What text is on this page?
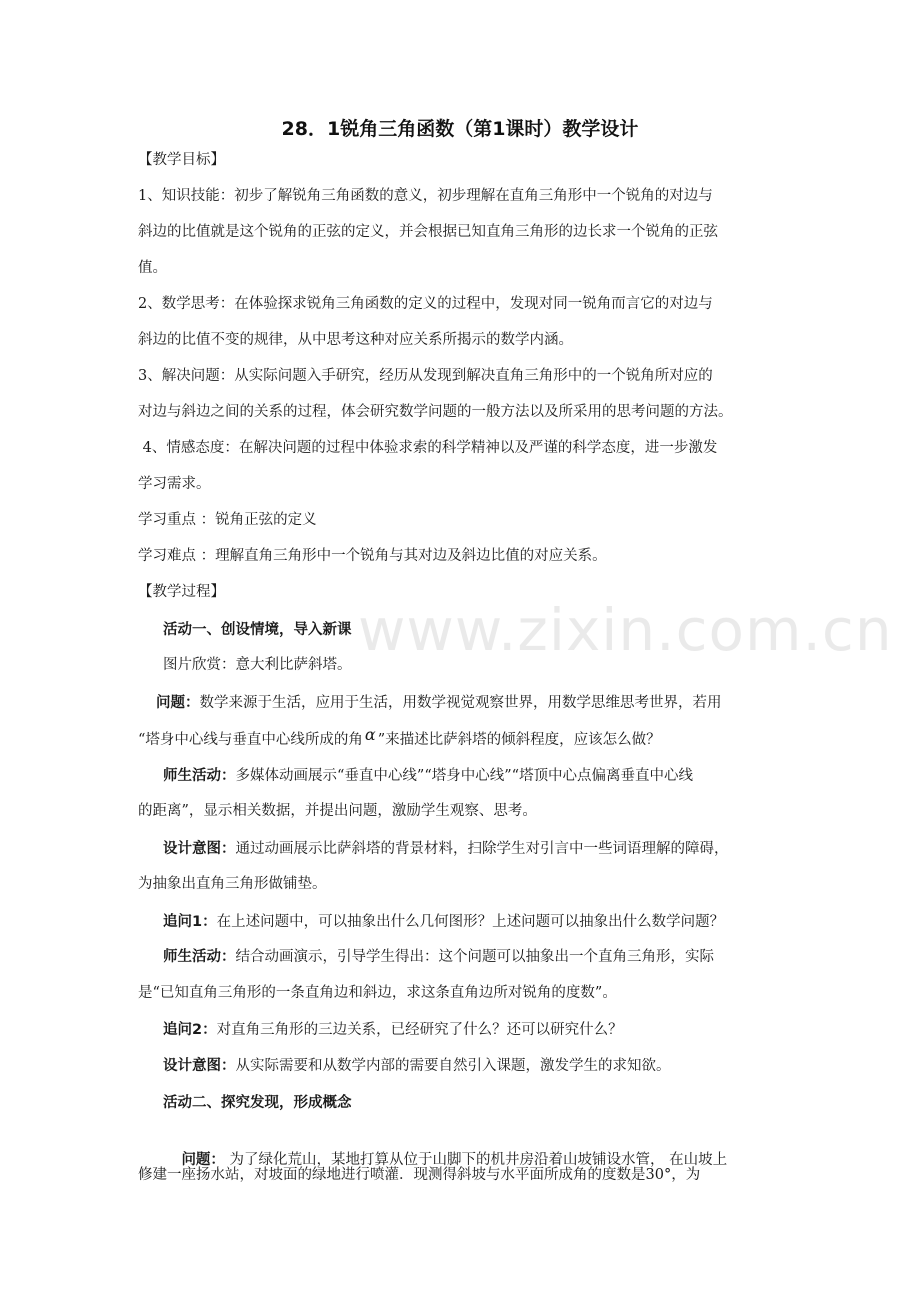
www.zixin.com.cn
28．1锐角三角函数（第1课时）教学设计
【教学目标】
1、知识技能：初步了解锐角三角函数的意义，初步理解在直角三角形中一个锐角的对边与
斜边的比值就是这个锐角的正弦的定义，并会根据已知直角三角形的边长求一个锐角的正弦
值。
2、数学思考：在体验探求锐角三角函数的定义的过程中，发现对同一锐角而言它的对边与
斜边的比值不变的规律，从中思考这种对应关系所揭示的数学内涵。
3、解决问题：从实际问题入手研究，经历从发现到解决直角三角形中的一个锐角所对应的
对边与斜边之间的关系的过程，体会研究数学问题的一般方法以及所采用的思考问题的方法。
4、情感态度：在解决问题的过程中体验求索的科学精神以及严谨的科学态度，进一步激发
学习需求。
学习重点 ：锐角正弦的定义
学习难点 ：理解直角三角形中一个锐角与其对边及斜边比值的对应关系。
【教学过程】
活动一、创设情境，导入新课
图片欣赏：意大利比萨斜塔。
问题：数学来源于生活，应用于生活，用数学视觉观察世界，用数学思维思考世界，若用
“塔身中心线与垂直中心线所成的角 α ”来描述比萨斜塔的倾斜程度，应该怎么做？
师生活动：多媒体动画展示“垂直中心线”“塔身中心线”“塔顶中心点偏离垂直中心线
的距离”，显示相关数据，并提出问题，激励学生观察、思考。
设计意图：通过动画展示比萨斜塔的背景材料，扫除学生对引言中一些词语理解的障碍，
为抽象出直角三角形做铺垫。
追问1：在上述问题中，可以抽象出什么几何图形？上述问题可以抽象出什么数学问题？
师生活动：结合动画演示，引导学生得出：这个问题可以抽象出一个直角三角形，实际
是“已知直角三角形的一条直角边和斜边，求这条直角边所对锐角的度数”。
追问2：对直角三角形的三边关系，已经研究了什么？还可以研究什么？
设计意图：从实际需要和从数学内部的需要自然引入课题，激发学生的求知欲。
活动二、探究发现，形成概念

问题： 为了绿化荒山，某地打算从位于山脚下的机井房沿着山坡铺设水管， 在山坡上

修建一座扬水站，对坡面的绿地进行喷灌．现测得斜坡与水平面所成角的度数是30°，为
